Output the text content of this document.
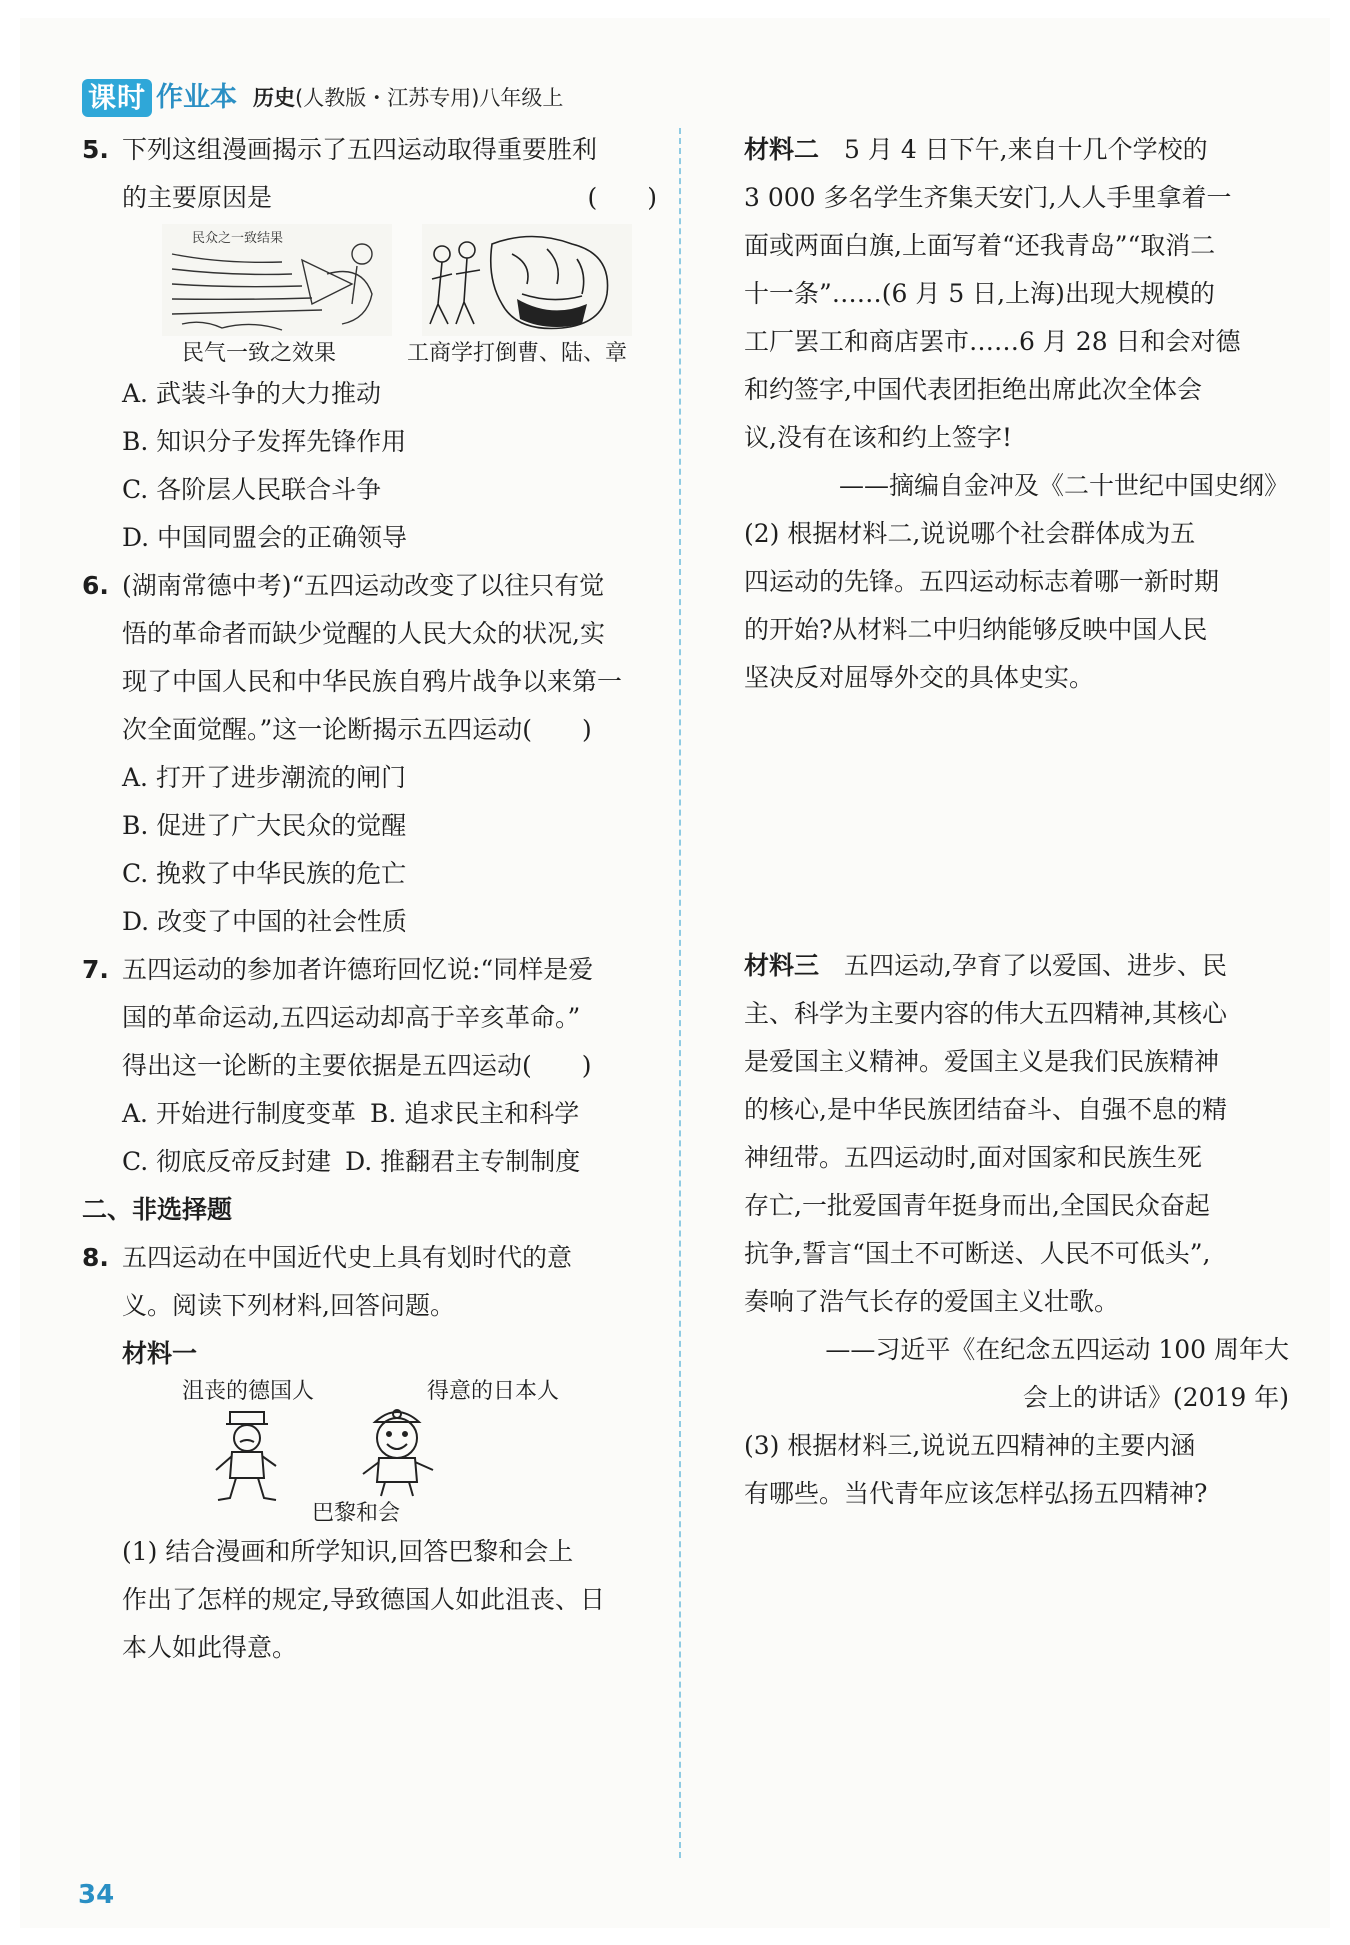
课时 作业本 历史(人教版・江苏专用)八年级上
5. 下列这组漫画揭示了五四运动取得重要胜利
的主要原因是	(　　)
民众之一致结果
民气一致之效果	工商学打倒曹、陆、章
A. 武装斗争的大力推动
B. 知识分子发挥先锋作用
C. 各阶层人民联合斗争
D. 中国同盟会的正确领导
6. (湖南常德中考)“五四运动改变了以往只有觉
悟的革命者而缺少觉醒的人民大众的状况,实
现了中国人民和中华民族自鸦片战争以来第一
次全面觉醒。”这一论断揭示五四运动(　　)
A. 打开了进步潮流的闸门
B. 促进了广大民众的觉醒
C. 挽救了中华民族的危亡
D. 改变了中国的社会性质
7. 五四运动的参加者许德珩回忆说:“同样是爱
国的革命运动,五四运动却高于辛亥革命。”
得出这一论断的主要依据是五四运动(　　)
A. 开始进行制度变革 B. 追求民主和科学
C. 彻底反帝反封建 D. 推翻君主专制制度
二、非选择题
8. 五四运动在中国近代史上具有划时代的意
义。阅读下列材料,回答问题。
材料一
沮丧的德国人	得意的日本人
巴黎和会
(1) 结合漫画和所学知识,回答巴黎和会上
作出了怎样的规定,导致德国人如此沮丧、日
本人如此得意。
材料二　5 月 4 日下午,来自十几个学校的
3 000 多名学生齐集天安门,人人手里拿着一
面或两面白旗,上面写着“还我青岛”“取消二
十一条”……(6 月 5 日,上海)出现大规模的
工厂罢工和商店罢市……6 月 28 日和会对德
和约签字,中国代表团拒绝出席此次全体会
议,没有在该和约上签字!
——摘编自金冲及《二十世纪中国史纲》
(2) 根据材料二,说说哪个社会群体成为五
四运动的先锋。五四运动标志着哪一新时期
的开始?从材料二中归纳能够反映中国人民
坚决反对屈辱外交的具体史实。
材料三　五四运动,孕育了以爱国、进步、民
主、科学为主要内容的伟大五四精神,其核心
是爱国主义精神。爱国主义是我们民族精神
的核心,是中华民族团结奋斗、自强不息的精
神纽带。五四运动时,面对国家和民族生死
存亡,一批爱国青年挺身而出,全国民众奋起
抗争,誓言“国土不可断送、人民不可低头”,
奏响了浩气长存的爱国主义壮歌。
——习近平《在纪念五四运动 100 周年大
会上的讲话》(2019 年)
(3) 根据材料三,说说五四精神的主要内涵
有哪些。当代青年应该怎样弘扬五四精神?
34
